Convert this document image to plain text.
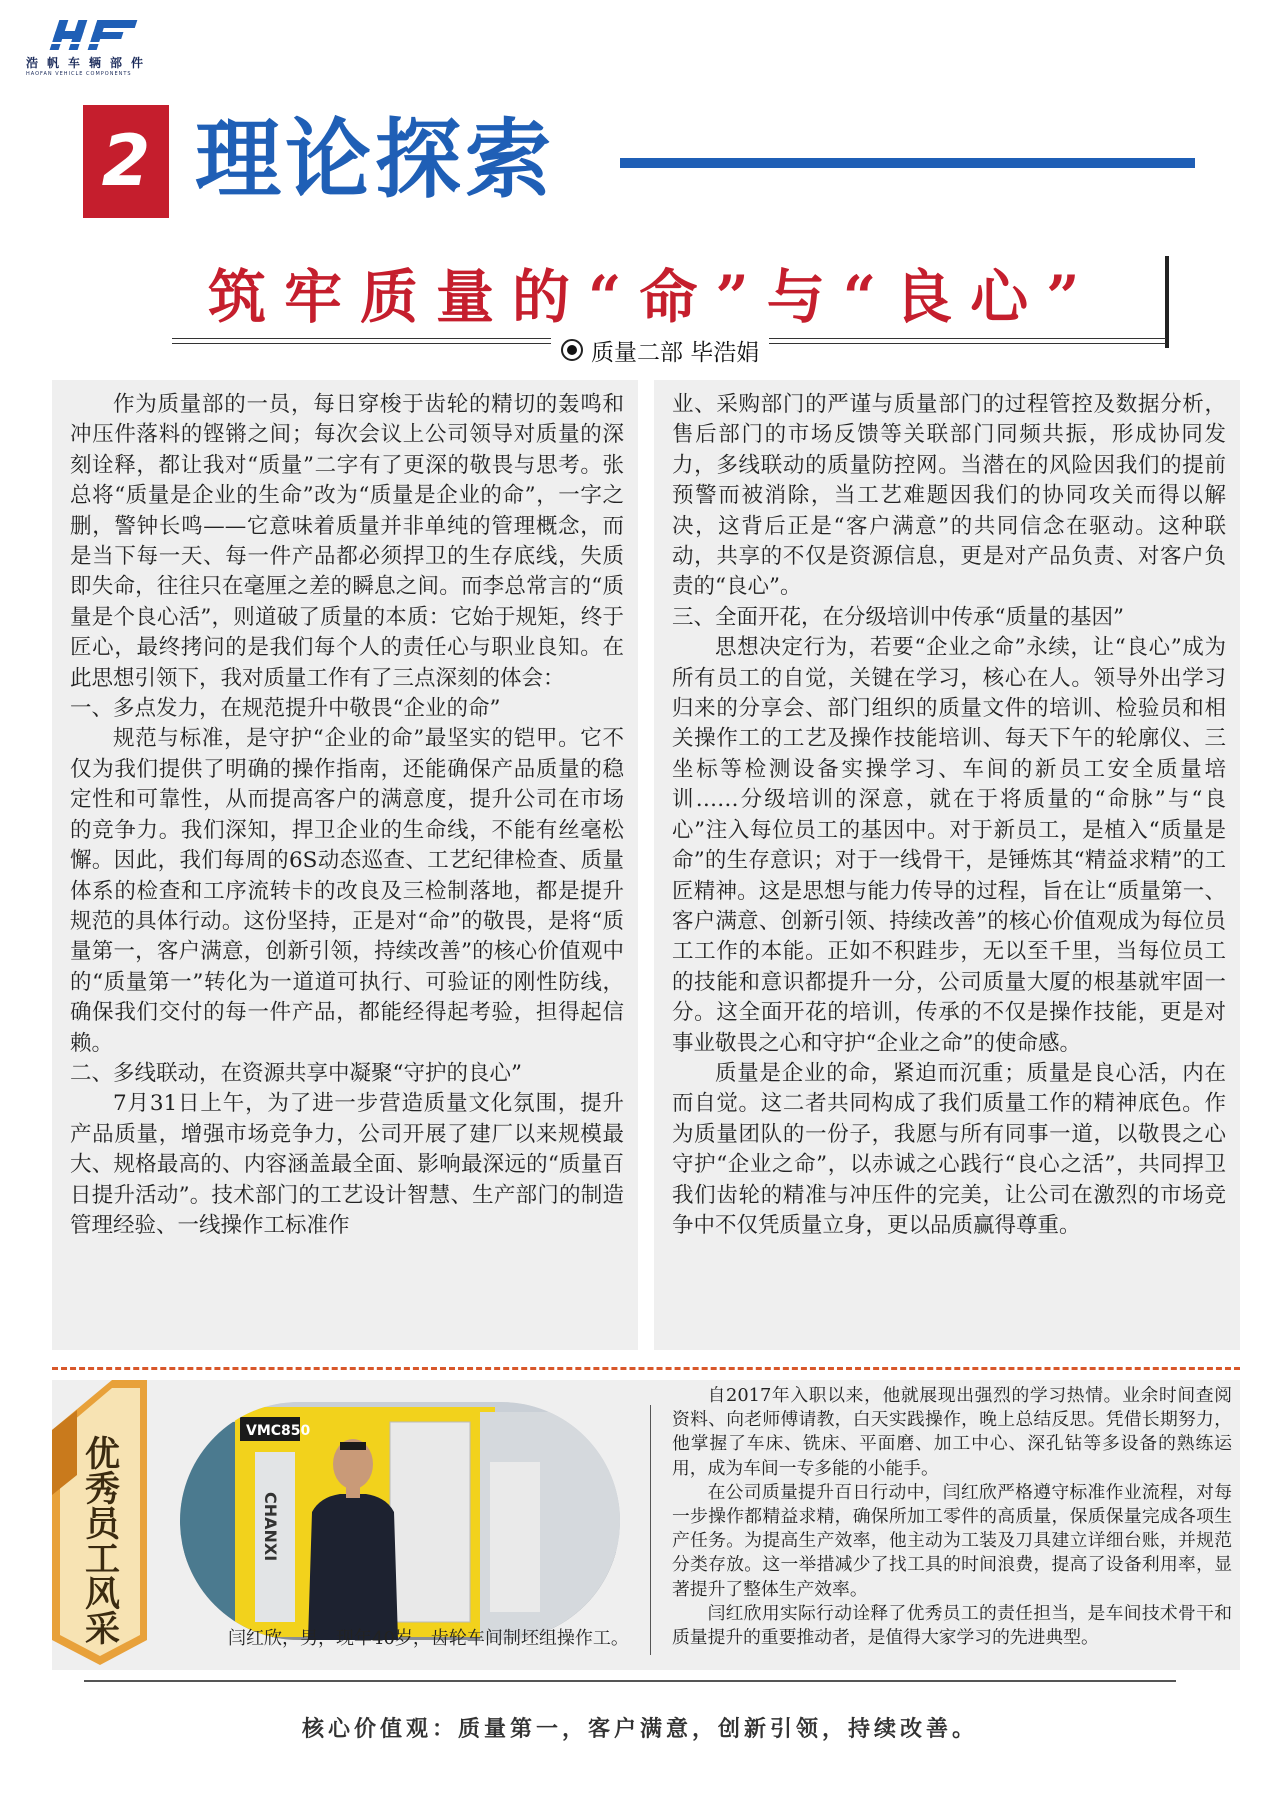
浩帆车辆部件
HAOFAN VEHICLE COMPONENTS
2 理论探索
筑牢质量的“命”与“良心”
质量二部 毕浩娟

作为质量部的一员，每日穿梭于齿轮的精切的轰鸣和冲压件落料的铿锵之间；每次会议上公司领导对质量的深刻诠释，都让我对“质量”二字有了更深的敬畏与思考。张总将“质量是企业的生命”改为“质量是企业的命”，一字之删，警钟长鸣——它意味着质量并非单纯的管理概念，而是当下每一天、每一件产品都必须捍卫的生存底线，失质即失命，往往只在毫厘之差的瞬息之间。而李总常言的“质量是个良心活”，则道破了质量的本质：它始于规矩，终于匠心，最终拷问的是我们每个人的责任心与职业良知。在此思想引领下，我对质量工作有了三点深刻的体会：

一、多点发力，在规范提升中敬畏“企业的命”

规范与标准，是守护“企业的命”最坚实的铠甲。它不仅为我们提供了明确的操作指南，还能确保产品质量的稳定性和可靠性，从而提高客户的满意度，提升公司在市场的竞争力。我们深知，捍卫企业的生命线，不能有丝毫松懈。因此，我们每周的6S动态巡查、工艺纪律检查、质量体系的检查和工序流转卡的改良及三检制落地，都是提升规范的具体行动。这份坚持，正是对“命”的敬畏，是将“质量第一，客户满意，创新引领，持续改善”的核心价值观中的“质量第一”转化为一道道可执行、可验证的刚性防线，确保我们交付的每一件产品，都能经得起考验，担得起信赖。

二、多线联动，在资源共享中凝聚“守护的良心”

7月31日上午，为了进一步营造质量文化氛围，提升产品质量，增强市场竞争力，公司开展了建厂以来规模最大、规格最高的、内容涵盖最全面、影响最深远的“质量百日提升活动”。技术部门的工艺设计智慧、生产部门的制造管理经验、一线操作工标准作

业、采购部门的严谨与质量部门的过程管控及数据分析，售后部门的市场反馈等关联部门同频共振，形成协同发力，多线联动的质量防控网。当潜在的风险因我们的提前预警而被消除，当工艺难题因我们的协同攻关而得以解决，这背后正是“客户满意”的共同信念在驱动。这种联动，共享的不仅是资源信息，更是对产品负责、对客户负责的“良心”。

三、全面开花，在分级培训中传承“质量的基因”

思想决定行为，若要“企业之命”永续，让“良心”成为所有员工的自觉，关键在学习，核心在人。领导外出学习归来的分享会、部门组织的质量文件的培训、检验员和相关操作工的工艺及操作技能培训、每天下午的轮廓仪、三坐标等检测设备实操学习、车间的新员工安全质量培训……分级培训的深意，就在于将质量的“命脉”与“良心”注入每位员工的基因中。对于新员工，是植入“质量是命”的生存意识；对于一线骨干，是锤炼其“精益求精”的工匠精神。这是思想与能力传导的过程，旨在让“质量第一、客户满意、创新引领、持续改善”的核心价值观成为每位员工工作的本能。正如不积跬步，无以至千里，当每位员工的技能和意识都提升一分，公司质量大厦的根基就牢固一分。这全面开花的培训，传承的不仅是操作技能，更是对事业敬畏之心和守护“企业之命”的使命感。

质量是企业的命，紧迫而沉重；质量是良心活，内在而自觉。这二者共同构成了我们质量工作的精神底色。作为质量团队的一份子，我愿与所有同事一道，以敬畏之心守护“企业之命”，以赤诚之心践行“良心之活”，共同捍卫我们齿轮的精准与冲压件的完美，让公司在激烈的市场竞争中不仅凭质量立身，更以品质赢得尊重。

优秀员工风采
VMC850
CHANXI
闫红欣，男，现年40岁，齿轮车间制坯组操作工。

自2017年入职以来，他就展现出强烈的学习热情。业余时间查阅资料、向老师傅请教，白天实践操作，晚上总结反思。凭借长期努力，他掌握了车床、铣床、平面磨、加工中心、深孔钻等多设备的熟练运用，成为车间一专多能的小能手。

在公司质量提升百日行动中，闫红欣严格遵守标准作业流程，对每一步操作都精益求精，确保所加工零件的高质量，保质保量完成各项生产任务。为提高生产效率，他主动为工装及刀具建立详细台账，并规范分类存放。这一举措减少了找工具的时间浪费，提高了设备利用率，显著提升了整体生产效率。

闫红欣用实际行动诠释了优秀员工的责任担当，是车间技术骨干和质量提升的重要推动者，是值得大家学习的先进典型。

核心价值观：质量第一，客户满意，创新引领，持续改善。
